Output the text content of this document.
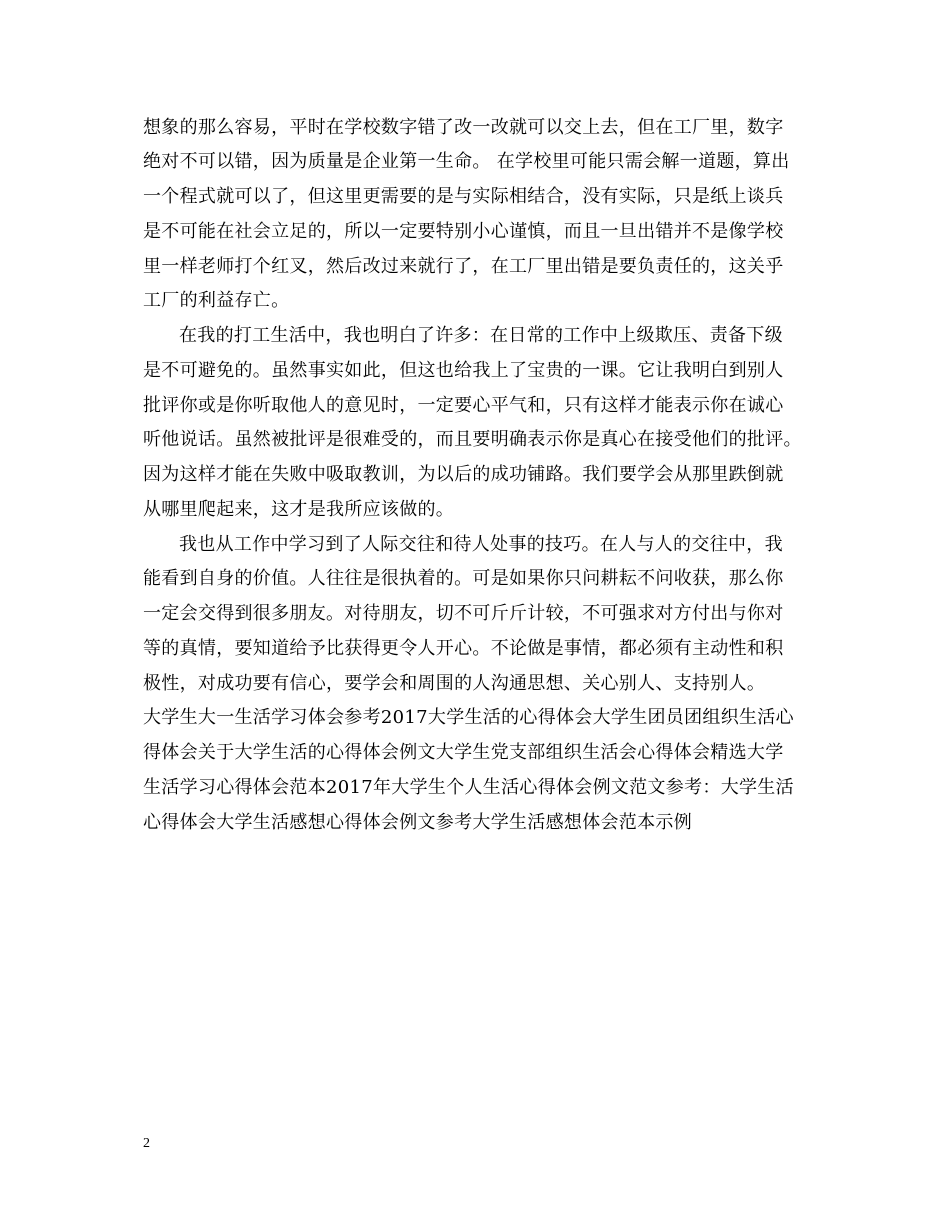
想象的那么容易，平时在学校数字错了改一改就可以交上去，但在工厂里，数字
绝对不可以错，因为质量是企业第一生命。 在学校里可能只需会解一道题，算出
一个程式就可以了，但这里更需要的是与实际相结合，没有实际，只是纸上谈兵
是不可能在社会立足的，所以一定要特别小心谨慎，而且一旦出错并不是像学校
里一样老师打个红叉，然后改过来就行了，在工厂里出错是要负责任的，这关乎
工厂的利益存亡。
在我的打工生活中，我也明白了许多：在日常的工作中上级欺压、责备下级
是不可避免的。虽然事实如此，但这也给我上了宝贵的一课。它让我明白到别人
批评你或是你听取他人的意见时，一定要心平气和，只有这样才能表示你在诚心
听他说话。虽然被批评是很难受的，而且要明确表示你是真心在接受他们的批评。
因为这样才能在失败中吸取教训，为以后的成功铺路。我们要学会从那里跌倒就
从哪里爬起来，这才是我所应该做的。
我也从工作中学习到了人际交往和待人处事的技巧。在人与人的交往中，我
能看到自身的价值。人往往是很执着的。可是如果你只问耕耘不问收获，那么你
一定会交得到很多朋友。对待朋友，切不可斤斤计较，不可强求对方付出与你对
等的真情，要知道给予比获得更令人开心。不论做是事情，都必须有主动性和积
极性，对成功要有信心，要学会和周围的人沟通思想、关心别人、支持别人。
大学生大一生活学习体会参考2017大学生活的心得体会大学生团员团组织生活心
得体会关于大学生活的心得体会例文大学生党支部组织生活会心得体会精选大学
生活学习心得体会范本2017年大学生个人生活心得体会例文范文参考：大学生活
心得体会大学生活感想心得体会例文参考大学生活感想体会范本示例
2
